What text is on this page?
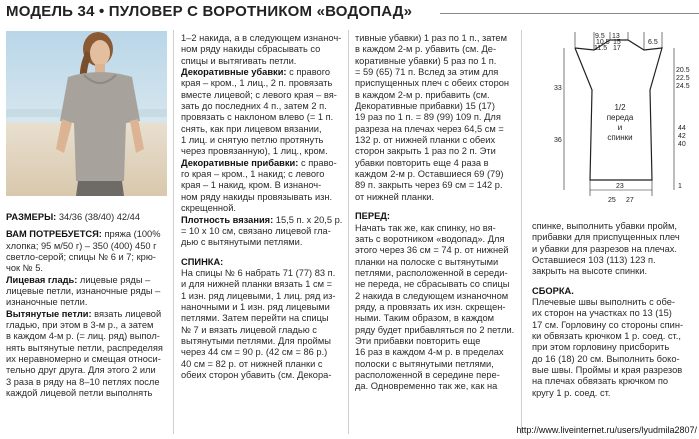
МОДЕЛЬ 34 • ПУЛОВЕР С ВОРОТНИКОМ «ВОДОПАД»

РАЗМЕРЫ: 34/36 (38/40) 42/44

ВАМ ПОТРЕБУЕТСЯ: пряжа (100%

хлопка; 95 м/50 г) – 350 (400) 450 г

светло-серой; спицы № 6 и 7; крю-

чок № 5.

Лицевая гладь: лицевые ряды –

лицевые петли, изнаночные ряды –

изнаночные петли.

Вытянутые петли: вязать лицевой

гладью, при этом в 3-м р., а затем

в каждом 4-м р. (= лиц. ряд) выпол-

нять вытянутые петли, распределяя

их неравномерно и смещая относи-

тельно друг друга. Для этого 2 или

3 раза в ряду на 8–10 петлях после

каждой лицевой петли выполнять

1–2 накида, а в следующем изнаноч-

ном ряду накиды сбрасывать со

спицы и вытягивать петли.

Декоративные убавки: с правого

края – кром., 1 лиц., 2 п. провязать

вместе лицевой; с левого края – вя-

зать до последних 4 п., затем 2 п.

провязать с наклоном влево (= 1 п.

снять, как при лицевом вязании,

1 лиц. и снятую петлю протянуть

через провязанную), 1 лиц., кром.

Декоративные прибавки: с право-

го края – кром., 1 накид; с левого

края – 1 накид, кром. В изнаноч-

ном ряду накиды провязывать изн.

скрещенной.

Плотность вязания: 15,5 п. х 20,5 р.

= 10 х 10 см, связано лицевой гла-

дью с вытянутыми петлями.

СПИНКА:

На спицы № 6 набрать 71 (77) 83 п.

и для нижней планки вязать 1 см =

1 изн. ряд лицевыми, 1 лиц. ряд из-

наночными и 1 изн. ряд лицевыми

петлями. Затем перейти на спицы

№ 7 и вязать лицевой гладью с

вытянутыми петлями. Для проймы

через 44 см = 90 р. (42 см = 86 р.)

40 см = 82 р. от нижней планки с

обеих сторон убавить (см. Декора-

тивные убавки) 1 раз по 1 п., затем

в каждом 2-м р. убавить (см. Де-

коративные убавки) 5 раз по 1 п.

= 59 (65) 71 п. Вслед за этим для

приспущенных плеч с обеих сторон

в каждом 2-м р. прибавить (см.

Декоративные прибавки) 15 (17)

19 раз по 1 п. = 89 (99) 109 п. Для

разреза на плечах через 64,5 см =

132 р. от нижней планки с обеих

сторон закрыть 1 раз по 2 п. Эти

убавки повторить еще 4 раза в

каждом 2-м р. Оставшиеся 69 (79)

89 п. закрыть через 69 см = 142 р.

от нижней планки.

ПЕРЕД:

Начать так же, как спинку, но вя-

зать с воротником «водопад». Для

этого через 36 см = 74 р. от нижней

планки на полоске с вытянутыми

петлями, расположенной в середи-

не переда, не сбрасывать со спицы

2 накида в следующем изнаночном

ряду, а провязать их изн. скрещен-

ными. Таким образом, в каждом

ряду будет прибавляться по 2 петли.

Эти прибавки повторить еще

16 раз в каждом 4-м р. в пределах

полоски с вытянутыми петлями,

расположенной в середине пере-

да. Одновременно так же, как на

9.5
10.5
11.5
13
15
17
6.5
33
36
20.5
22.5
24.5
44
42
40
1
23
25 27
1/2 переда и спинки

спинке, выполнить убавки пройм,

прибавки для приспущенных плеч

и убавки для разрезов на плечах.

Оставшиеся 103 (113) 123 п.

закрыть на высоте спинки.

СБОРКА.

Плечевые швы выполнить с обе-

их сторон на участках по 13 (15)

17 см. Горловину со стороны спин-

ки обвязать крючком 1 р. соед. ст.,

при этом горловину присборить

до 16 (18) 20 см. Выполнить боко-

вые швы. Проймы и края разрезов

на плечах обвязать крючком по

кругу 1 р. соед. ст.

http://www.liveinternet.ru/users/lyudmila2807/
